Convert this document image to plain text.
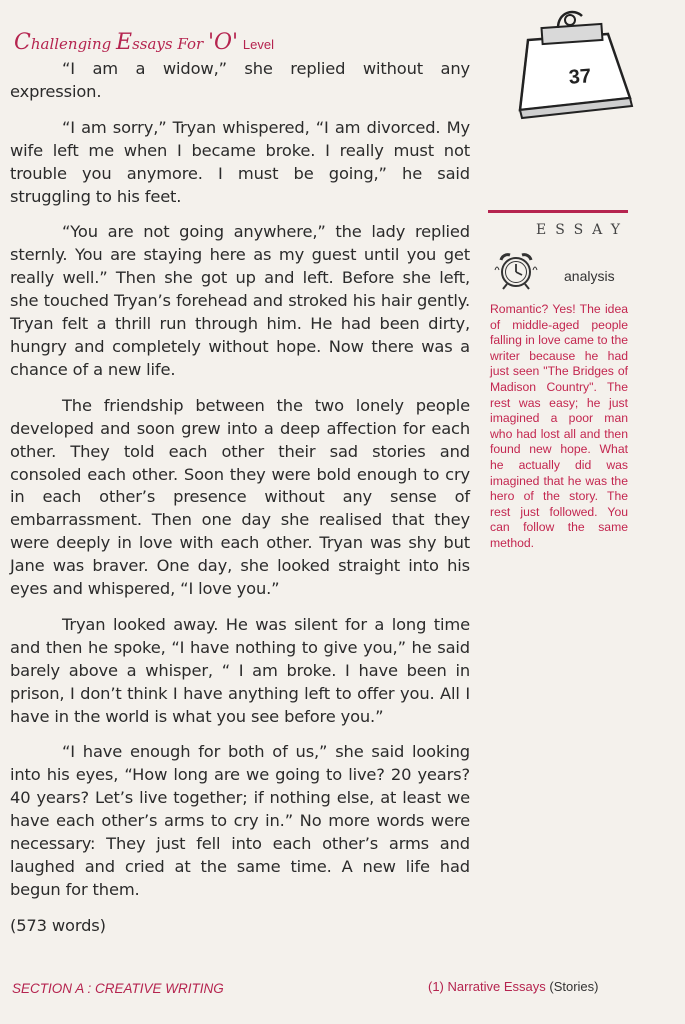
Challenging Essays For 'O' Level
37

“I am a widow,” she replied without any expression.

“I am sorry,” Tryan whispered, “I am divorced. My wife left me when I became broke. I really must not trouble you anymore. I must be going,” he said struggling to his feet.

“You are not going anywhere,” the lady replied sternly. You are staying here as my guest until you get really well.” Then she got up and left. Before she left, she touched Tryan’s forehead and stroked his hair gently. Tryan felt a thrill run through him. He had been dirty, hungry and completely without hope. Now there was a chance of a new life.

The friendship between the two lonely people developed and soon grew into a deep affection for each other. They told each other their sad stories and consoled each other. Soon they were bold enough to cry in each other’s presence without any sense of embarrassment. Then one day she realised that they were deeply in love with each other. Tryan was shy but Jane was braver. One day, she looked straight into his eyes and whispered, “I love you.”

Tryan looked away. He was silent for a long time and then he spoke, “I have nothing to give you,” he said barely above a whisper, “ I am broke. I have been in prison, I don’t think I have anything left to offer you. All I have in the world is what you see before you.”

“I have enough for both of us,” she said looking into his eyes, “How long are we going to live? 20 years? 40 years? Let’s live together; if nothing else, at least we have each other’s arms to cry in.” No more words were necessary: They just fell into each other’s arms and laughed and cried at the same time. A new life had begun for them.

(573 words)

ESSAY
analysis
Romantic? Yes! The idea of middle-aged people falling in love came to the writer because he had just seen "The Bridges of Madison Country". The rest was easy; he just imagined a poor man who had lost all and then found new hope. What he actually did was imagined that he was the hero of the story. The rest just followed. You can follow the same method.
SECTION A : CREATIVE WRITING	(1) Narrative Essays (Stories)
